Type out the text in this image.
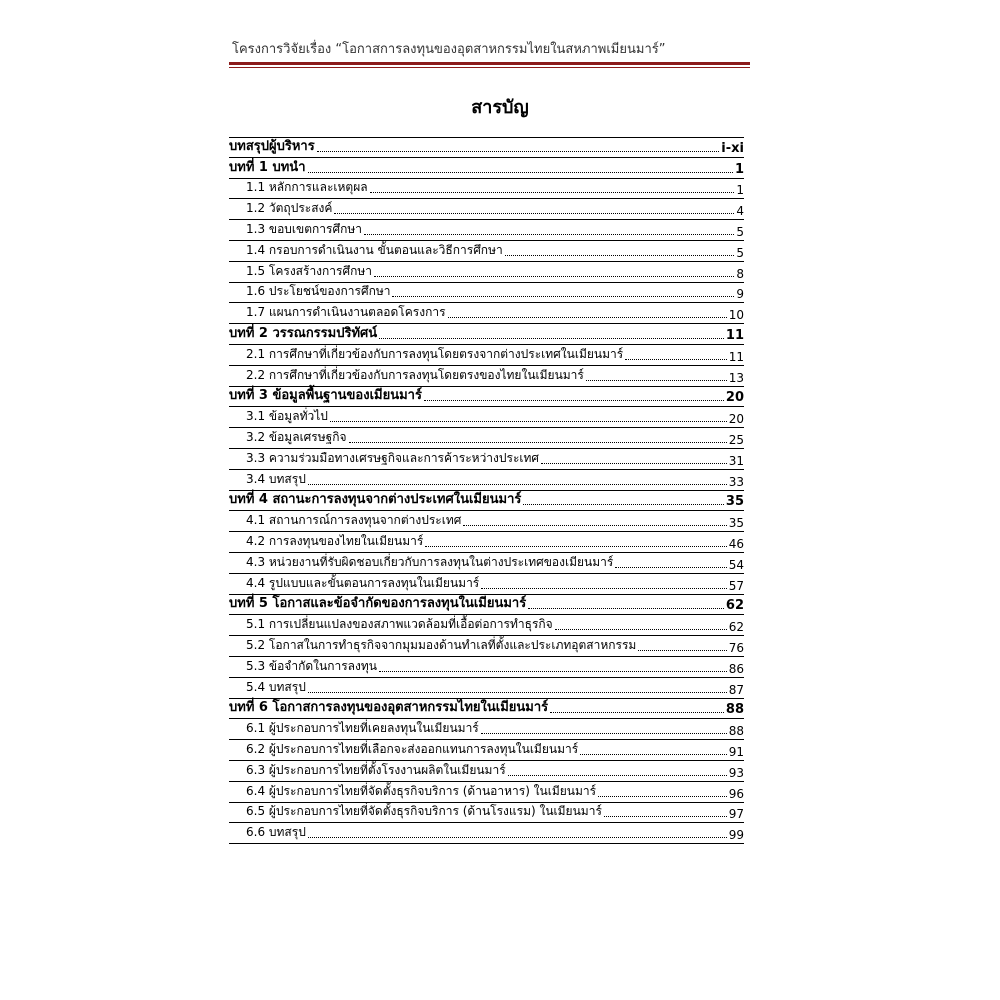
โครงการวิจัยเรื่อง “โอกาสการลงทุนของอุตสาหกรรมไทยในสหภาพเมียนมาร์”
สารบัญ
บทสรุปผู้บริหาร	i-xi
บทที่ 1 บทนำ	1
1.1 หลักการและเหตุผล	1
1.2 วัตถุประสงค์	4
1.3 ขอบเขตการศึกษา	5
1.4 กรอบการดำเนินงาน ขั้นตอนและวิธีการศึกษา	5
1.5 โครงสร้างการศึกษา	8
1.6 ประโยชน์ของการศึกษา	9
1.7 แผนการดำเนินงานตลอดโครงการ	10
บทที่ 2 วรรณกรรมปริทัศน์	11
2.1 การศึกษาที่เกี่ยวข้องกับการลงทุนโดยตรงจากต่างประเทศในเมียนมาร์	11
2.2 การศึกษาที่เกี่ยวข้องกับการลงทุนโดยตรงของไทยในเมียนมาร์	13
บทที่ 3 ข้อมูลพื้นฐานของเมียนมาร์	20
3.1 ข้อมูลทั่วไป	20
3.2 ข้อมูลเศรษฐกิจ	25
3.3 ความร่วมมือทางเศรษฐกิจและการค้าระหว่างประเทศ	31
3.4 บทสรุป	33
บทที่ 4 สถานะการลงทุนจากต่างประเทศในเมียนมาร์	35
4.1 สถานการณ์การลงทุนจากต่างประเทศ	35
4.2 การลงทุนของไทยในเมียนมาร์	46
4.3 หน่วยงานที่รับผิดชอบเกี่ยวกับการลงทุนในต่างประเทศของเมียนมาร์	54
4.4 รูปแบบและขั้นตอนการลงทุนในเมียนมาร์	57
บทที่ 5 โอกาสและข้อจำกัดของการลงทุนในเมียนมาร์	62
5.1 การเปลี่ยนแปลงของสภาพแวดล้อมที่เอื้อต่อการทำธุรกิจ	62
5.2 โอกาสในการทำธุรกิจจากมุมมองด้านทำเลที่ตั้งและประเภทอุตสาหกรรม	76
5.3 ข้อจำกัดในการลงทุน	86
5.4 บทสรุป	87
บทที่ 6 โอกาสการลงทุนของอุตสาหกรรมไทยในเมียนมาร์	88
6.1 ผู้ประกอบการไทยที่เคยลงทุนในเมียนมาร์	88
6.2 ผู้ประกอบการไทยที่เลือกจะส่งออกแทนการลงทุนในเมียนมาร์	91
6.3 ผู้ประกอบการไทยที่ตั้งโรงงานผลิตในเมียนมาร์	93
6.4 ผู้ประกอบการไทยที่จัดตั้งธุรกิจบริการ (ด้านอาหาร) ในเมียนมาร์	96
6.5 ผู้ประกอบการไทยที่จัดตั้งธุรกิจบริการ (ด้านโรงแรม) ในเมียนมาร์	97
6.6 บทสรุป	99
